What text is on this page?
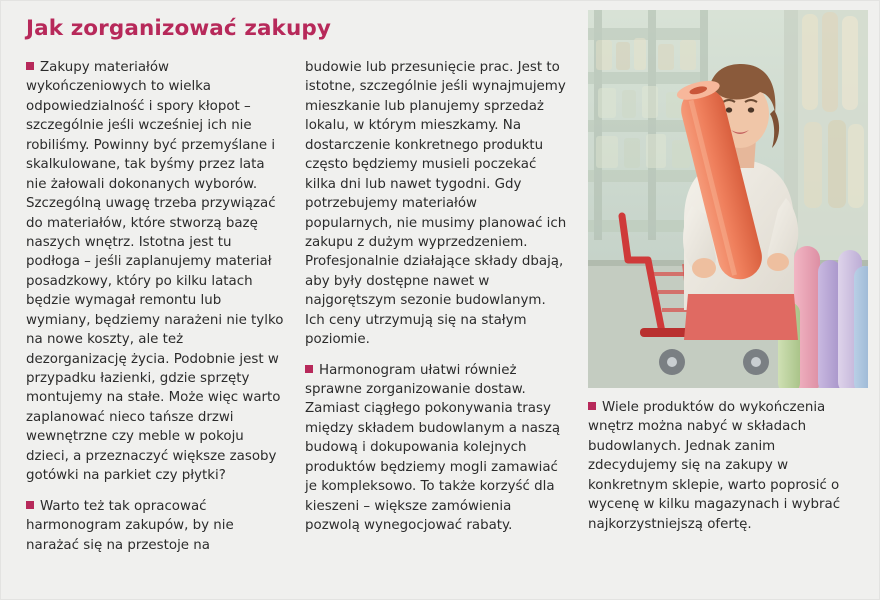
Jak zorganizować zakupy

Zakupy materiałów wykończeniowych to wielka odpowiedzialność i spory kłopot – szczególnie jeśli wcześniej ich nie robiliśmy. Powinny być przemyślane i skalkulowane, tak byśmy przez lata nie żałowali dokonanych wyborów. Szczególną uwagę trzeba przywiązać do materiałów, które stworzą bazę naszych wnętrz. Istotna jest tu podłoga – jeśli zaplanujemy materiał posadzkowy, który po kilku latach będzie wymagał remontu lub wymiany, będziemy narażeni nie tylko na nowe koszty, ale też dezorganizację życia. Podobnie jest w przypadku łazienki, gdzie sprzęty montujemy na stałe. Może więc warto zaplanować nieco tańsze drzwi wewnętrzne czy meble w pokoju dzieci, a przeznaczyć większe zasoby gotówki na parkiet czy płytki?

Warto też tak opracować harmonogram zakupów, by nie narażać się na przestoje na

budowie lub przesunięcie prac. Jest to istotne, szczególnie jeśli wynajmujemy mieszkanie lub planujemy sprzedaż lokalu, w którym mieszkamy. Na dostarczenie konkretnego produktu często będziemy musieli poczekać kilka dni lub nawet tygodni. Gdy potrzebujemy materiałów popularnych, nie musimy planować ich zakupu z dużym wyprzedzeniem. Profesjonalnie działające składy dbają, aby były dostępne nawet w najgorętszym sezonie budowlanym. Ich ceny utrzymują się na stałym poziomie.

Harmonogram ułatwi również sprawne zorganizowanie dostaw. Zamiast ciągłego pokonywania trasy między składem budowlanym a naszą budową i dokupowania kolejnych produktów będziemy mogli zamawiać je kompleksowo. To także korzyść dla kieszeni – większe zamówienia pozwolą wynegocjować rabaty.

Wiele produktów do wykończenia wnętrz można nabyć w składach budowlanych. Jednak zanim zdecydujemy się na zakupy w konkretnym sklepie, warto poprosić o wycenę w kilku magazynach i wybrać najkorzystniejszą ofertę.
